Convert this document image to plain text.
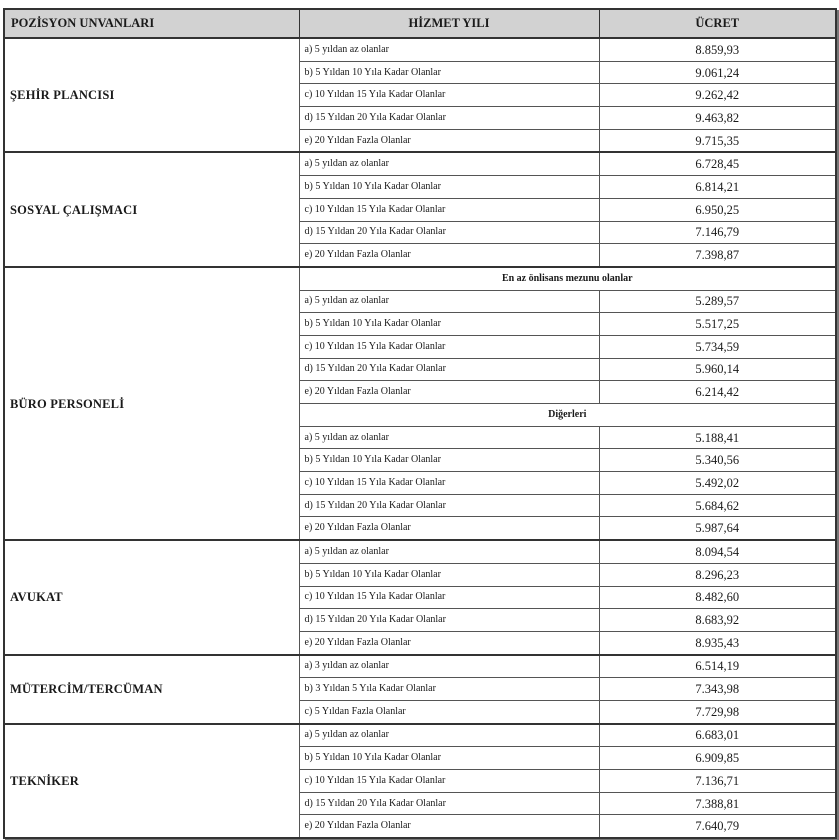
POZİSYON UNVANLARI	HİZMET YILI	ÜCRET
ŞEHİR PLANCISI	a) 5 yıldan az olanlar	8.859,93
	b) 5 Yıldan 10 Yıla Kadar Olanlar	9.061,24
	c) 10 Yıldan 15 Yıla Kadar Olanlar	9.262,42
	d) 15 Yıldan 20 Yıla Kadar Olanlar	9.463,82
	e) 20 Yıldan Fazla Olanlar	9.715,35
SOSYAL ÇALIŞMACI	a) 5 yıldan az olanlar	6.728,45
	b) 5 Yıldan 10 Yıla Kadar Olanlar	6.814,21
	c) 10 Yıldan 15 Yıla Kadar Olanlar	6.950,25
	d) 15 Yıldan 20 Yıla Kadar Olanlar	7.146,79
	e) 20 Yıldan Fazla Olanlar	7.398,87
BÜRO PERSONELİ	En az önlisans mezunu olanlar	
	a) 5 yıldan az olanlar	5.289,57
	b) 5 Yıldan 10 Yıla Kadar Olanlar	5.517,25
	c) 10 Yıldan 15 Yıla Kadar Olanlar	5.734,59
	d) 15 Yıldan 20 Yıla Kadar Olanlar	5.960,14
	e) 20 Yıldan Fazla Olanlar	6.214,42
	Diğerleri	
	a) 5 yıldan az olanlar	5.188,41
	b) 5 Yıldan 10 Yıla Kadar Olanlar	5.340,56
	c) 10 Yıldan 15 Yıla Kadar Olanlar	5.492,02
	d) 15 Yıldan 20 Yıla Kadar Olanlar	5.684,62
	e) 20 Yıldan Fazla Olanlar	5.987,64
AVUKAT	a) 5 yıldan az olanlar	8.094,54
	b) 5 Yıldan 10 Yıla Kadar Olanlar	8.296,23
	c) 10 Yıldan 15 Yıla Kadar Olanlar	8.482,60
	d) 15 Yıldan 20 Yıla Kadar Olanlar	8.683,92
	e) 20 Yıldan Fazla Olanlar	8.935,43
MÜTERCİM/TERCÜMAN	a) 3 yıldan az olanlar	6.514,19
	b) 3 Yıldan 5 Yıla Kadar Olanlar	7.343,98
	c) 5 Yıldan Fazla Olanlar	7.729,98
TEKNİKER	a) 5 yıldan az olanlar	6.683,01
	b) 5 Yıldan 10 Yıla Kadar Olanlar	6.909,85
	c) 10 Yıldan 15 Yıla Kadar Olanlar	7.136,71
	d) 15 Yıldan 20 Yıla Kadar Olanlar	7.388,81
	e) 20 Yıldan Fazla Olanlar	7.640,79
